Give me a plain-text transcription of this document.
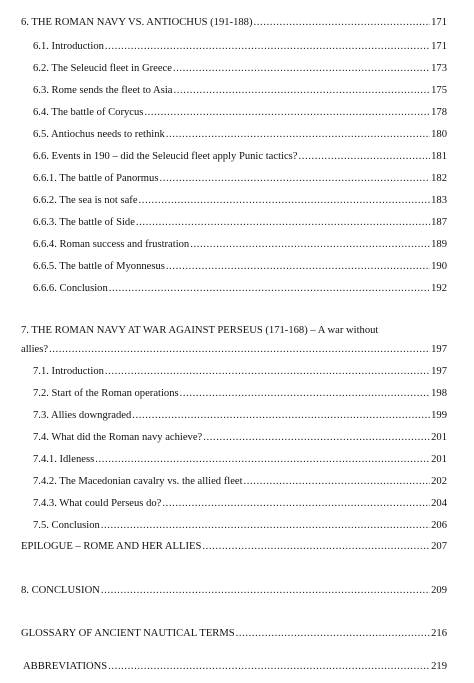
6. THE ROMAN NAVY VS. ANTIOCHUS (191-188) .....	171
6.1. Introduction .....	171
6.2. The Seleucid fleet in Greece .....	173
6.3. Rome sends the fleet to Asia .....	175
6.4. The battle of Corycus .....	178
6.5. Antiochus needs to rethink .....	180
6.6. Events in 190 – did the Seleucid fleet apply Punic tactics? .....	181
6.6.1. The battle of Panormus .....	182
6.6.2. The sea is not safe .....	183
6.6.3. The battle of Side .....	187
6.6.4. Roman success and frustration .....	189
6.6.5. The battle of Myonnesus .....	190
6.6.6. Conclusion .....	192
7. THE ROMAN NAVY AT WAR AGAINST PERSEUS (171-168) – A war without
allies? .....	197
7.1. Introduction .....	197
7.2. Start of the Roman operations .....	198
7.3. Allies downgraded .....	199
7.4. What did the Roman navy achieve? .....	201
7.4.1. Idleness .....	201
7.4.2. The Macedonian cavalry vs. the allied fleet .....	202
7.4.3. What could Perseus do? .....	204
7.5. Conclusion .....	206
EPILOGUE – ROME AND HER ALLIES .....	207
8. CONCLUSION .....	209
GLOSSARY OF ANCIENT NAUTICAL TERMS .....	216
ABBREVIATIONS .....	219
